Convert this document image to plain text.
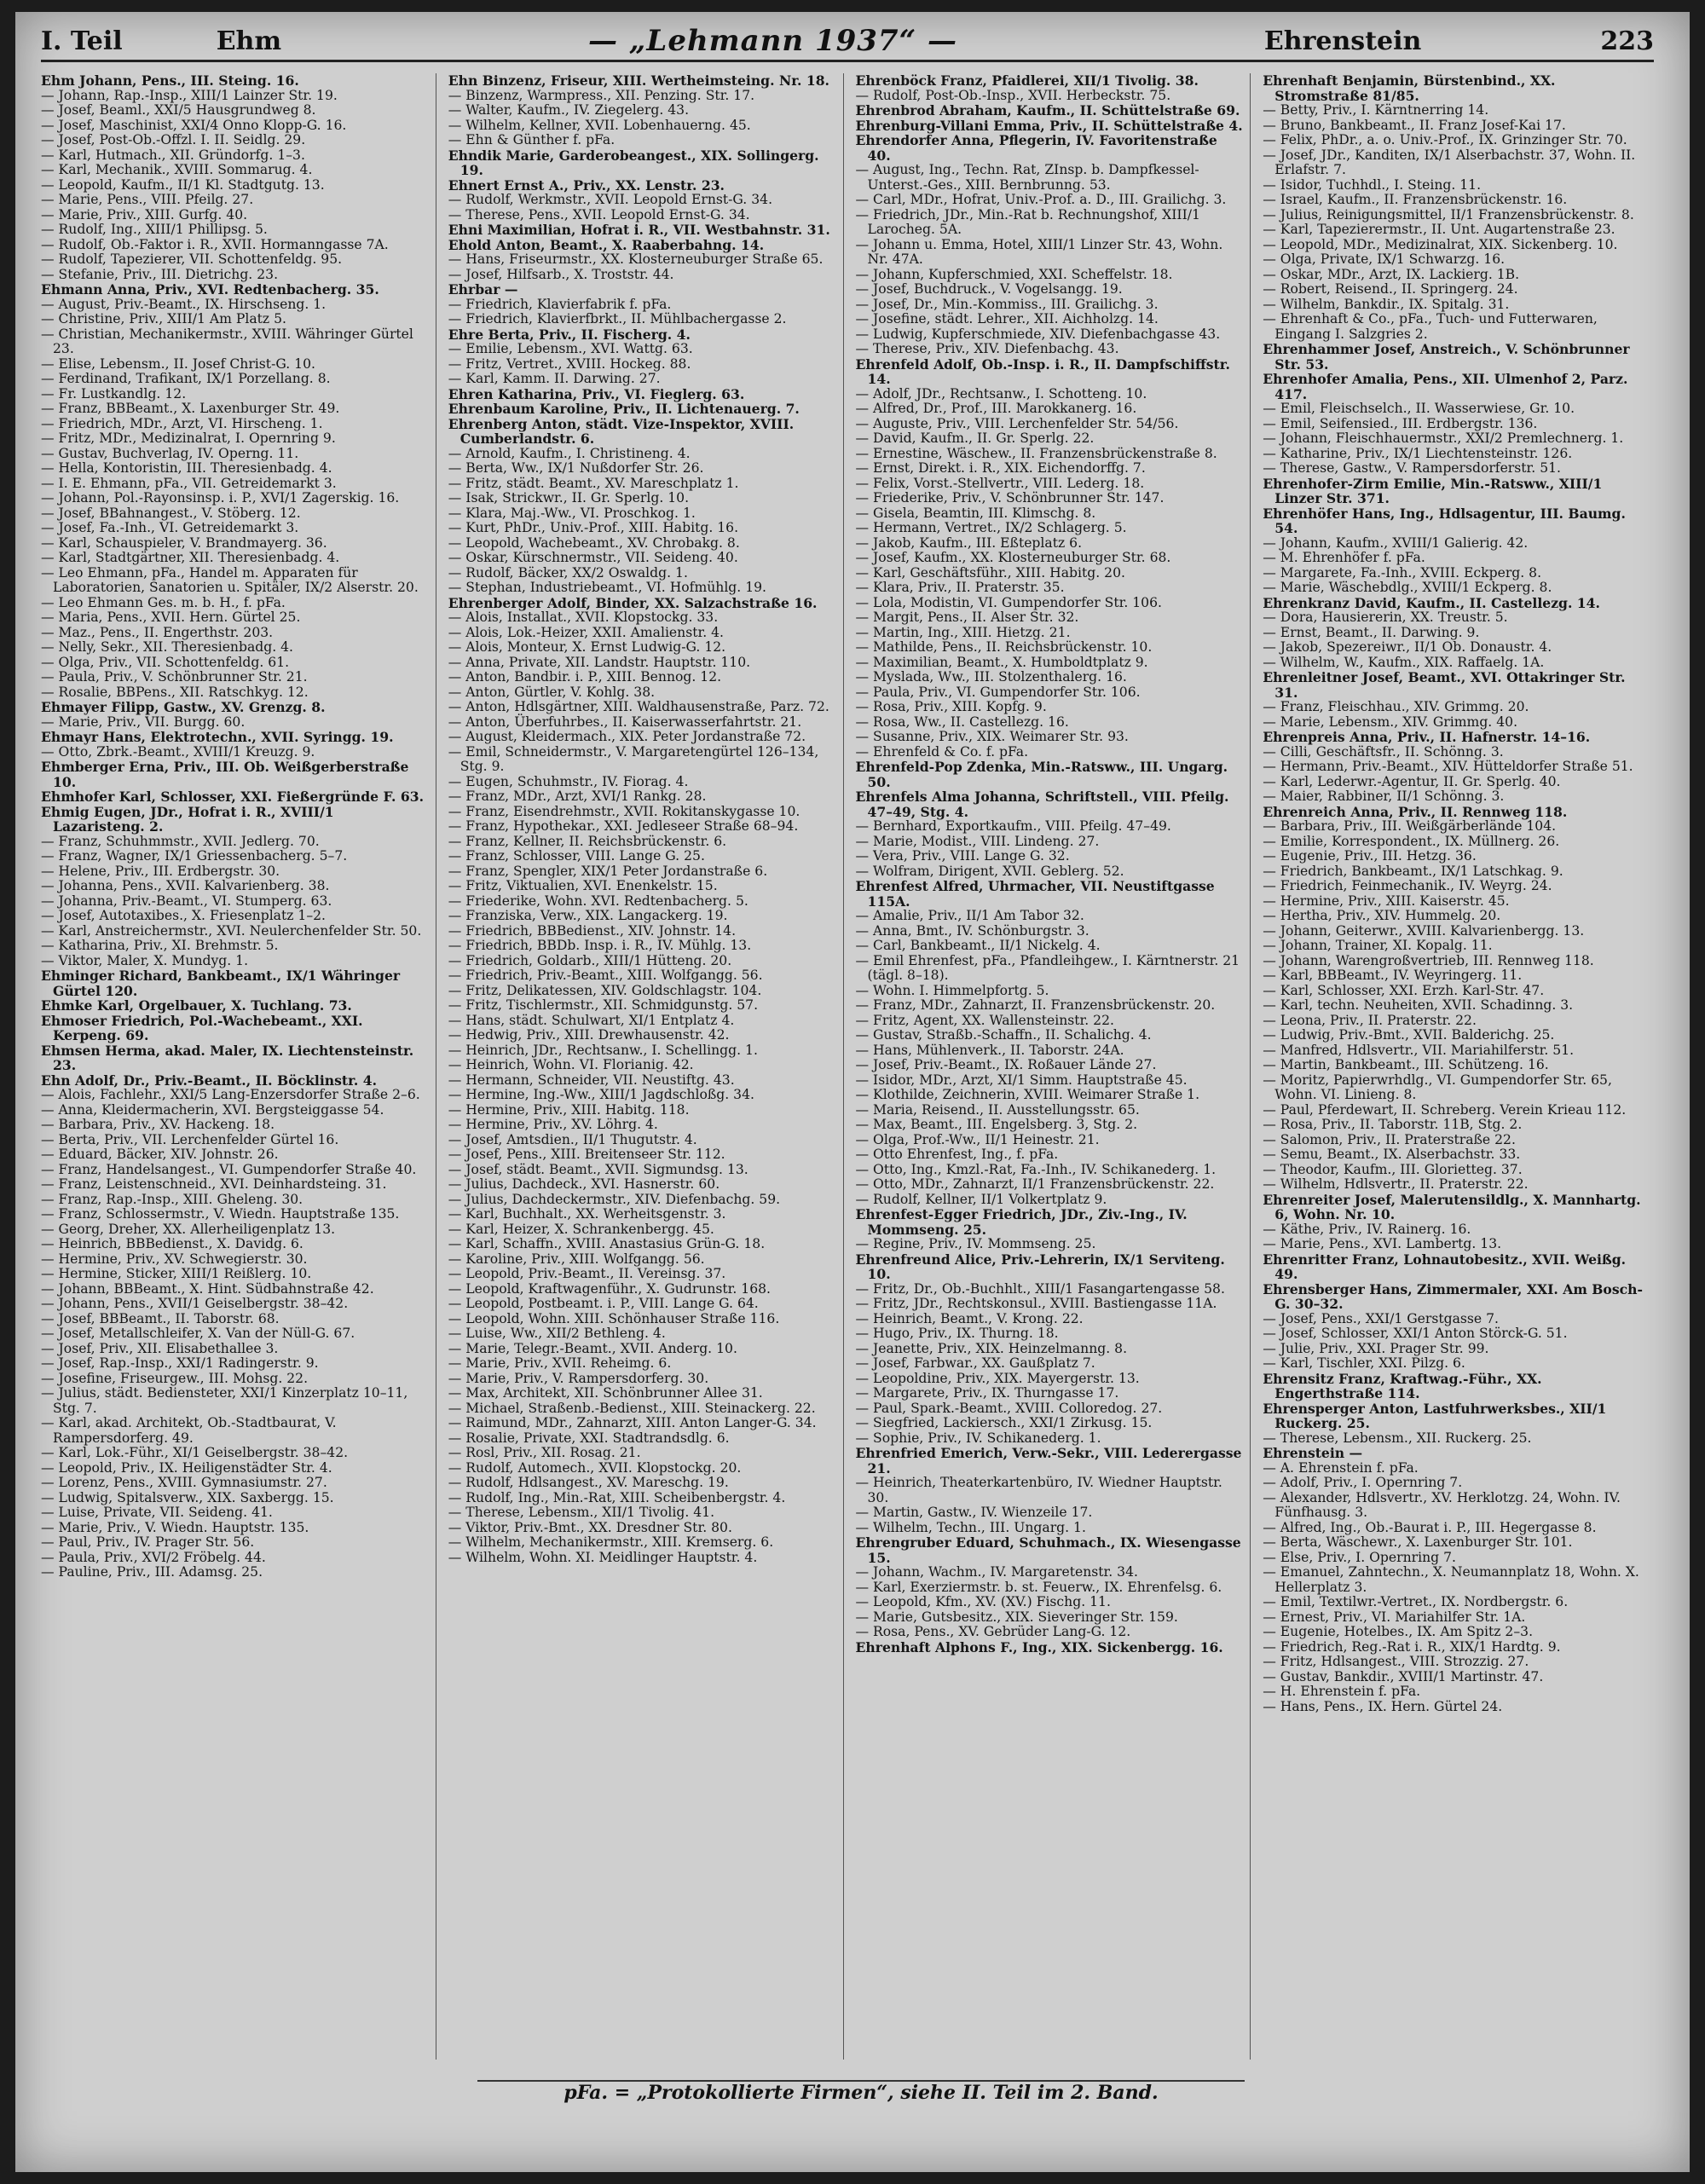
I. Teil	Ehm	— „Lehmann 1937“ —	Ehrenstein	223

Ehm Johann, Pens., III. Steing. 16.

— Johann, Rap.-Insp., XIII/1 Lainzer Str. 19.

— Josef, Beaml., XXI/5 Hausgrundweg 8.

— Josef, Maschinist, XXI/4 Onno Klopp-G. 16.

— Josef, Post-Ob.-Offzl. I. II. Seidlg. 29.

— Karl, Hutmach., XII. Gründorfg. 1–3.

— Karl, Mechanik., XVIII. Sommarug. 4.

— Leopold, Kaufm., II/1 Kl. Stadtgutg. 13.

— Marie, Pens., VIII. Pfeilg. 27.

— Marie, Priv., XIII. Gurfg. 40.

— Rudolf, Ing., XIII/1 Phillipsg. 5.

— Rudolf, Ob.-Faktor i. R., XVII. Hormanngasse 7A.

— Rudolf, Tapezierer, VII. Schottenfeldg. 95.

— Stefanie, Priv., III. Dietrichg. 23.

Ehmann Anna, Priv., XVI. Redtenbacherg. 35.

— August, Priv.-Beamt., IX. Hirschseng. 1.

— Christine, Priv., XIII/1 Am Platz 5.

— Christian, Mechanikermstr., XVIII. Währinger Gürtel 23.

— Elise, Lebensm., II. Josef Christ-G. 10.

— Ferdinand, Trafikant, IX/1 Porzellang. 8.

— Fr. Lustkandlg. 12.

— Franz, BBBeamt., X. Laxenburger Str. 49.

— Friedrich, MDr., Arzt, VI. Hirscheng. 1.

— Fritz, MDr., Medizinalrat, I. Opernring 9.

— Gustav, Buchverlag, IV. Operng. 11.

— Hella, Kontoristin, III. Theresienbadg. 4.

— I. E. Ehmann, pFa., VII. Getreidemarkt 3.

— Johann, Pol.-Rayonsinsp. i. P., XVI/1 Zagerskig. 16.

— Josef, BBahnangest., V. Stöberg. 12.

— Josef, Fa.-Inh., VI. Getreidemarkt 3.

— Karl, Schauspieler, V. Brandmayerg. 36.

— Karl, Stadtgärtner, XII. Theresienbadg. 4.

— Leo Ehmann, pFa., Handel m. Apparaten für Laboratorien, Sanatorien u. Spitäler, IX/2 Alserstr. 20.

— Leo Ehmann Ges. m. b. H., f. pFa.

— Maria, Pens., XVII. Hern. Gürtel 25.

— Maz., Pens., II. Engerthstr. 203.

— Nelly, Sekr., XII. Theresienbadg. 4.

— Olga, Priv., VII. Schottenfeldg. 61.

— Paula, Priv., V. Schönbrunner Str. 21.

— Rosalie, BBPens., XII. Ratschkyg. 12.

Ehmayer Filipp, Gastw., XV. Grenzg. 8.

— Marie, Priv., VII. Burgg. 60.

Ehmayr Hans, Elektrotechn., XVII. Syringg. 19.

— Otto, Zbrk.-Beamt., XVIII/1 Kreuzg. 9.

Ehmberger Erna, Priv., III. Ob. Weißgerberstraße 10.

Ehmhofer Karl, Schlosser, XXI. Fießergründe F. 63.

Ehmig Eugen, JDr., Hofrat i. R., XVIII/1 Lazaristeng. 2.

— Franz, Schuhmmstr., XVII. Jedlerg. 70.

— Franz, Wagner, IX/1 Griessenbacherg. 5–7.

— Helene, Priv., III. Erdbergstr. 30.

— Johanna, Pens., XVII. Kalvarienberg. 38.

— Johanna, Priv.-Beamt., VI. Stumperg. 63.

— Josef, Autotaxibes., X. Friesenplatz 1–2.

— Karl, Anstreichermstr., XVI. Neulerchenfelder Str. 50.

— Katharina, Priv., XI. Brehmstr. 5.

— Viktor, Maler, X. Mundyg. 1.

Ehminger Richard, Bankbeamt., IX/1 Währinger Gürtel 120.

Ehmke Karl, Orgelbauer, X. Tuchlang. 73.

Ehmoser Friedrich, Pol.-Wachebeamt., XXI. Kerpeng. 69.

Ehmsen Herma, akad. Maler, IX. Liechtensteinstr. 23.

Ehn Adolf, Dr., Priv.-Beamt., II. Böcklinstr. 4.

— Alois, Fachlehr., XXI/5 Lang-Enzersdorfer Straße 2–6.

— Anna, Kleidermacherin, XVI. Bergsteiggasse 54.

— Barbara, Priv., XV. Hackeng. 18.

— Berta, Priv., VII. Lerchenfelder Gürtel 16.

— Eduard, Bäcker, XIV. Johnstr. 26.

— Franz, Handelsangest., VI. Gumpendorfer Straße 40.

— Franz, Leistenschneid., XVI. Deinhardsteing. 31.

— Franz, Rap.-Insp., XIII. Gheleng. 30.

— Franz, Schlossermstr., V. Wiedn. Hauptstraße 135.

— Georg, Dreher, XX. Allerheiligenplatz 13.

— Heinrich, BBBedienst., X. Davidg. 6.

— Hermine, Priv., XV. Schwegierstr. 30.

— Hermine, Sticker, XIII/1 Reißlerg. 10.

— Johann, BBBeamt., X. Hint. Südbahnstraße 42.

— Johann, Pens., XVII/1 Geiselbergstr. 38–42.

— Josef, BBBeamt., II. Taborstr. 68.

— Josef, Metallschleifer, X. Van der Nüll-G. 67.

— Josef, Priv., XII. Elisabethallee 3.

— Josef, Rap.-Insp., XXI/1 Radingerstr. 9.

— Josefine, Friseurgew., III. Mohsg. 22.

— Julius, städt. Bediensteter, XXI/1 Kinzerplatz 10–11, Stg. 7.

— Karl, akad. Architekt, Ob.-Stadtbaurat, V. Rampersdorferg. 49.

— Karl, Lok.-Führ., XI/1 Geiselbergstr. 38–42.

— Leopold, Priv., IX. Heiligenstädter Str. 4.

— Lorenz, Pens., XVIII. Gymnasiumstr. 27.

— Ludwig, Spitalsverw., XIX. Saxbergg. 15.

— Luise, Private, VII. Seideng. 41.

— Marie, Priv., V. Wiedn. Hauptstr. 135.

— Paul, Priv., IV. Prager Str. 56.

— Paula, Priv., XVI/2 Fröbelg. 44.

— Pauline, Priv., III. Adamsg. 25.

Ehn Binzenz, Friseur, XIII. Wertheimsteing. Nr. 18.

— Binzenz, Warmpress., XII. Penzing. Str. 17.

— Walter, Kaufm., IV. Ziegelerg. 43.

— Wilhelm, Kellner, XVII. Lobenhauerng. 45.

— Ehn & Günther f. pFa.

Ehndik Marie, Garderobeangest., XIX. Sollingerg. 19.

Ehnert Ernst A., Priv., XX. Lenstr. 23.

— Rudolf, Werkmstr., XVII. Leopold Ernst-G. 34.

— Therese, Pens., XVII. Leopold Ernst-G. 34.

Ehni Maximilian, Hofrat i. R., VII. Westbahnstr. 31.

Ehold Anton, Beamt., X. Raaberbahng. 14.

— Hans, Friseurmstr., XX. Klosterneuburger Straße 65.

— Josef, Hilfsarb., X. Troststr. 44.

Ehrbar —

— Friedrich, Klavierfabrik f. pFa.

— Friedrich, Klavierfbrkt., II. Mühlbachergasse 2.

Ehre Berta, Priv., II. Fischerg. 4.

— Emilie, Lebensm., XVI. Wattg. 63.

— Fritz, Vertret., XVIII. Hockeg. 88.

— Karl, Kamm. II. Darwing. 27.

Ehren Katharina, Priv., VI. Fieglerg. 63.

Ehrenbaum Karoline, Priv., II. Lichtenauerg. 7.

Ehrenberg Anton, städt. Vize-Inspektor, XVIII. Cumberlandstr. 6.

— Arnold, Kaufm., I. Christineng. 4.

— Berta, Ww., IX/1 Nußdorfer Str. 26.

— Fritz, städt. Beamt., XV. Mareschplatz 1.

— Isak, Strickwr., II. Gr. Sperlg. 10.

— Klara, Maj.-Ww., VI. Proschkog. 1.

— Kurt, PhDr., Univ.-Prof., XIII. Habitg. 16.

— Leopold, Wachebeamt., XV. Chrobakg. 8.

— Oskar, Kürschnermstr., VII. Seideng. 40.

— Rudolf, Bäcker, XX/2 Oswaldg. 1.

— Stephan, Industriebeamt., VI. Hofmühlg. 19.

Ehrenberger Adolf, Binder, XX. Salzachstraße 16.

— Alois, Installat., XVII. Klopstockg. 33.

— Alois, Lok.-Heizer, XXII. Amalienstr. 4.

— Alois, Monteur, X. Ernst Ludwig-G. 12.

— Anna, Private, XII. Landstr. Hauptstr. 110.

— Anton, Bandbir. i. P., XIII. Bennog. 12.

— Anton, Gürtler, V. Kohlg. 38.

— Anton, Hdlsgärtner, XIII. Waldhausenstraße, Parz. 72.

— Anton, Überfuhrbes., II. Kaiserwasserfahrtstr. 21.

— August, Kleidermach., XIX. Peter Jordanstraße 72.

— Emil, Schneidermstr., V. Margaretengürtel 126–134, Stg. 9.

— Eugen, Schuhmstr., IV. Fiorag. 4.

— Franz, MDr., Arzt, XVI/1 Rankg. 28.

— Franz, Eisendrehmstr., XVII. Rokitanskygasse 10.

— Franz, Hypothekar., XXI. Jedleseer Straße 68–94.

— Franz, Kellner, II. Reichsbrückenstr. 6.

— Franz, Schlosser, VIII. Lange G. 25.

— Franz, Spengler, XIX/1 Peter Jordanstraße 6.

— Fritz, Viktualien, XVI. Enenkelstr. 15.

— Friederike, Wohn. XVI. Redtenbacherg. 5.

— Franziska, Verw., XIX. Langackerg. 19.

— Friedrich, BBBedienst., XIV. Johnstr. 14.

— Friedrich, BBDb. Insp. i. R., IV. Mühlg. 13.

— Friedrich, Goldarb., XIII/1 Hütteng. 20.

— Friedrich, Priv.-Beamt., XIII. Wolfgangg. 56.

— Fritz, Delikatessen, XIV. Goldschlagstr. 104.

— Fritz, Tischlermstr., XII. Schmidgunstg. 57.

— Hans, städt. Schulwart, XI/1 Entplatz 4.

— Hedwig, Priv., XIII. Drewhausenstr. 42.

— Heinrich, JDr., Rechtsanw., I. Schellingg. 1.

— Heinrich, Wohn. VI. Florianig. 42.

— Hermann, Schneider, VII. Neustiftg. 43.

— Hermine, Ing.-Ww., XIII/1 Jagdschloßg. 34.

— Hermine, Priv., XIII. Habitg. 118.

— Hermine, Priv., XV. Löhrg. 4.

— Josef, Amtsdien., II/1 Thugutstr. 4.

— Josef, Pens., XIII. Breitenseer Str. 112.

— Josef, städt. Beamt., XVII. Sigmundsg. 13.

— Julius, Dachdeck., XVI. Hasnerstr. 60.

— Julius, Dachdeckermstr., XIV. Diefenbachg. 59.

— Karl, Buchhalt., XX. Werheitsgenstr. 3.

— Karl, Heizer, X. Schrankenbergg. 45.

— Karl, Schaffn., XVIII. Anastasius Grün-G. 18.

— Karoline, Priv., XIII. Wolfgangg. 56.

— Leopold, Priv.-Beamt., II. Vereinsg. 37.

— Leopold, Kraftwagenführ., X. Gudrunstr. 168.

— Leopold, Postbeamt. i. P., VIII. Lange G. 64.

— Leopold, Wohn. XIII. Schönhauser Straße 116.

— Luise, Ww., XII/2 Bethleng. 4.

— Marie, Telegr.-Beamt., XVII. Anderg. 10.

— Marie, Priv., XVII. Reheimg. 6.

— Marie, Priv., V. Rampersdorferg. 30.

— Max, Architekt, XII. Schönbrunner Allee 31.

— Michael, Straßenb.-Bedienst., XIII. Steinackerg. 22.

— Raimund, MDr., Zahnarzt, XIII. Anton Langer-G. 34.

— Rosalie, Private, XXI. Stadtrandsdlg. 6.

— Rosl, Priv., XII. Rosag. 21.

— Rudolf, Automech., XVII. Klopstockg. 20.

— Rudolf, Hdlsangest., XV. Mareschg. 19.

— Rudolf, Ing., Min.-Rat, XIII. Scheibenbergstr. 4.

— Therese, Lebensm., XII/1 Tivolig. 41.

— Viktor, Priv.-Bmt., XX. Dresdner Str. 80.

— Wilhelm, Mechanikermstr., XIII. Kremserg. 6.

— Wilhelm, Wohn. XI. Meidlinger Hauptstr. 4.

Ehrenböck Franz, Pfaidlerei, XII/1 Tivolig. 38.

— Rudolf, Post-Ob.-Insp., XVII. Herbeckstr. 75.

Ehrenbrod Abraham, Kaufm., II. Schüttelstraße 69.

Ehrenburg-Villani Emma, Priv., II. Schüttelstraße 4.

Ehrendorfer Anna, Pflegerin, IV. Favoritenstraße 40.

— August, Ing., Techn. Rat, ZInsp. b. Dampfkessel-Unterst.-Ges., XIII. Bernbrunng. 53.

— Carl, MDr., Hofrat, Univ.-Prof. a. D., III. Grailichg. 3.

— Friedrich, JDr., Min.-Rat b. Rechnungshof, XIII/1 Larocheg. 5A.

— Johann u. Emma, Hotel, XIII/1 Linzer Str. 43, Wohn. Nr. 47A.

— Johann, Kupferschmied, XXI. Scheffelstr. 18.

— Josef, Buchdruck., V. Vogelsangg. 19.

— Josef, Dr., Min.-Kommiss., III. Grailichg. 3.

— Josefine, städt. Lehrer., XII. Aichholzg. 14.

— Ludwig, Kupferschmiede, XIV. Diefenbachgasse 43.

— Therese, Priv., XIV. Diefenbachg. 43.

Ehrenfeld Adolf, Ob.-Insp. i. R., II. Dampfschiffstr. 14.

— Adolf, JDr., Rechtsanw., I. Schotteng. 10.

— Alfred, Dr., Prof., III. Marokkanerg. 16.

— Auguste, Priv., VIII. Lerchenfelder Str. 54/56.

— David, Kaufm., II. Gr. Sperlg. 22.

— Ernestine, Wäschew., II. Franzensbrückenstraße 8.

— Ernst, Direkt. i. R., XIX. Eichendorffg. 7.

— Felix, Vorst.-Stellvertr., VIII. Lederg. 18.

— Friederike, Priv., V. Schönbrunner Str. 147.

— Gisela, Beamtin, III. Klimschg. 8.

— Hermann, Vertret., IX/2 Schlagerg. 5.

— Jakob, Kaufm., III. Eßteplatz 6.

— Josef, Kaufm., XX. Klosterneuburger Str. 68.

— Karl, Geschäftsführ., XIII. Habitg. 20.

— Klara, Priv., II. Praterstr. 35.

— Lola, Modistin, VI. Gumpendorfer Str. 106.

— Margit, Pens., II. Alser Str. 32.

— Martin, Ing., XIII. Hietzg. 21.

— Mathilde, Pens., II. Reichsbrückenstr. 10.

— Maximilian, Beamt., X. Humboldtplatz 9.

— Myslada, Ww., III. Stolzenthalerg. 16.

— Paula, Priv., VI. Gumpendorfer Str. 106.

— Rosa, Priv., XIII. Kopfg. 9.

— Rosa, Ww., II. Castellezg. 16.

— Susanne, Priv., XIX. Weimarer Str. 93.

— Ehrenfeld & Co. f. pFa.

Ehrenfeld-Pop Zdenka, Min.-Ratsww., III. Ungarg. 50.

Ehrenfels Alma Johanna, Schriftstell., VIII. Pfeilg. 47–49, Stg. 4.

— Bernhard, Exportkaufm., VIII. Pfeilg. 47–49.

— Marie, Modist., VIII. Lindeng. 27.

— Vera, Priv., VIII. Lange G. 32.

— Wolfram, Dirigent, XVII. Geblerg. 52.

Ehrenfest Alfred, Uhrmacher, VII. Neustiftgasse 115A.

— Amalie, Priv., II/1 Am Tabor 32.

— Anna, Bmt., IV. Schönburgstr. 3.

— Carl, Bankbeamt., II/1 Nickelg. 4.

— Emil Ehrenfest, pFa., Pfandleihgew., I. Kärntnerstr. 21 (tägl. 8–18).

— Wohn. I. Himmelpfortg. 5.

— Franz, MDr., Zahnarzt, II. Franzensbrückenstr. 20.

— Fritz, Agent, XX. Wallensteinstr. 22.

— Gustav, Straßb.-Schaffn., II. Schalichg. 4.

— Hans, Mühlenverk., II. Taborstr. 24A.

— Josef, Priv.-Beamt., IX. Roßauer Lände 27.

— Isidor, MDr., Arzt, XI/1 Simm. Hauptstraße 45.

— Klothilde, Zeichnerin, XVIII. Weimarer Straße 1.

— Maria, Reisend., II. Ausstellungsstr. 65.

— Max, Beamt., III. Engelsberg. 3, Stg. 2.

— Olga, Prof.-Ww., II/1 Heinestr. 21.

— Otto Ehrenfest, Ing., f. pFa.

— Otto, Ing., Kmzl.-Rat, Fa.-Inh., IV. Schikanederg. 1.

— Otto, MDr., Zahnarzt, II/1 Franzensbrückenstr. 22.

— Rudolf, Kellner, II/1 Volkertplatz 9.

Ehrenfest-Egger Friedrich, JDr., Ziv.-Ing., IV. Mommseng. 25.

— Regine, Priv., IV. Mommseng. 25.

Ehrenfreund Alice, Priv.-Lehrerin, IX/1 Serviteng. 10.

— Fritz, Dr., Ob.-Buchhlt., XIII/1 Fasangartengasse 58.

— Fritz, JDr., Rechtskonsul., XVIII. Bastiengasse 11A.

— Heinrich, Beamt., V. Krong. 22.

— Hugo, Priv., IX. Thurng. 18.

— Jeanette, Priv., XIX. Heinzelmanng. 8.

— Josef, Farbwar., XX. Gaußplatz 7.

— Leopoldine, Priv., XIX. Mayergerstr. 13.

— Margarete, Priv., IX. Thurngasse 17.

— Paul, Spark.-Beamt., XVIII. Colloredog. 27.

— Siegfried, Lackiersch., XXI/1 Zirkusg. 15.

— Sophie, Priv., IV. Schikanederg. 1.

Ehrenfried Emerich, Verw.-Sekr., VIII. Lederergasse 21.

— Heinrich, Theaterkartenbüro, IV. Wiedner Hauptstr. 30.

— Martin, Gastw., IV. Wienzeile 17.

— Wilhelm, Techn., III. Ungarg. 1.

Ehrengruber Eduard, Schuhmach., IX. Wiesengasse 15.

— Johann, Wachm., IV. Margaretenstr. 34.

— Karl, Exerziermstr. b. st. Feuerw., IX. Ehrenfelsg. 6.

— Leopold, Kfm., XV. (XV.) Fischg. 11.

— Marie, Gutsbesitz., XIX. Sieveringer Str. 159.

— Rosa, Pens., XV. Gebrüder Lang-G. 12.

Ehrenhaft Alphons F., Ing., XIX. Sickenbergg. 16.

Ehrenhaft Benjamin, Bürstenbind., XX. Stromstraße 81/85.

— Betty, Priv., I. Kärntnerring 14.

— Bruno, Bankbeamt., II. Franz Josef-Kai 17.

— Felix, PhDr., a. o. Univ.-Prof., IX. Grinzinger Str. 70.

— Josef, JDr., Kanditen, IX/1 Alserbachstr. 37, Wohn. II. Erlafstr. 7.

— Isidor, Tuchhdl., I. Steing. 11.

— Israel, Kaufm., II. Franzensbrückenstr. 16.

— Julius, Reinigungsmittel, II/1 Franzensbrückenstr. 8.

— Karl, Tapezierermstr., II. Unt. Augartenstraße 23.

— Leopold, MDr., Medizinalrat, XIX. Sickenberg. 10.

— Olga, Private, IX/1 Schwarzg. 16.

— Oskar, MDr., Arzt, IX. Lackierg. 1B.

— Robert, Reisend., II. Springerg. 24.

— Wilhelm, Bankdir., IX. Spitalg. 31.

— Ehrenhaft & Co., pFa., Tuch- und Futterwaren, Eingang I. Salzgries 2.

Ehrenhammer Josef, Anstreich., V. Schönbrunner Str. 53.

Ehrenhofer Amalia, Pens., XII. Ulmenhof 2, Parz. 417.

— Emil, Fleischselch., II. Wasserwiese, Gr. 10.

— Emil, Seifensied., III. Erdbergstr. 136.

— Johann, Fleischhauermstr., XXI/2 Premlechnerg. 1.

— Katharine, Priv., IX/1 Liechtensteinstr. 126.

— Therese, Gastw., V. Rampersdorferstr. 51.

Ehrenhofer-Zirm Emilie, Min.-Ratsww., XIII/1 Linzer Str. 371.

Ehrenhöfer Hans, Ing., Hdlsagentur, III. Baumg. 54.

— Johann, Kaufm., XVIII/1 Galierig. 42.

— M. Ehrenhöfer f. pFa.

— Margarete, Fa.-Inh., XVIII. Eckperg. 8.

— Marie, Wäschebdlg., XVIII/1 Eckperg. 8.

Ehrenkranz David, Kaufm., II. Castellezg. 14.

— Dora, Hausiererin, XX. Treustr. 5.

— Ernst, Beamt., II. Darwing. 9.

— Jakob, Spezereiwr., II/1 Ob. Donaustr. 4.

— Wilhelm, W., Kaufm., XIX. Raffaelg. 1A.

Ehrenleitner Josef, Beamt., XVI. Ottakringer Str. 31.

— Franz, Fleischhau., XIV. Grimmg. 20.

— Marie, Lebensm., XIV. Grimmg. 40.

Ehrenpreis Anna, Priv., II. Hafnerstr. 14–16.

— Cilli, Geschäftsfr., II. Schönng. 3.

— Hermann, Priv.-Beamt., XIV. Hütteldorfer Straße 51.

— Karl, Lederwr.-Agentur, II. Gr. Sperlg. 40.

— Maier, Rabbiner, II/1 Schönng. 3.

Ehrenreich Anna, Priv., II. Rennweg 118.

— Barbara, Priv., III. Weißgärberlände 104.

— Emilie, Korrespondent., IX. Müllnerg. 26.

— Eugenie, Priv., III. Hetzg. 36.

— Friedrich, Bankbeamt., IX/1 Latschkag. 9.

— Friedrich, Feinmechanik., IV. Weyrg. 24.

— Hermine, Priv., XIII. Kaiserstr. 45.

— Hertha, Priv., XIV. Hummelg. 20.

— Johann, Geiterwr., XVIII. Kalvarienbergg. 13.

— Johann, Trainer, XI. Kopalg. 11.

— Johann, Warengroßvertrieb, III. Rennweg 118.

— Karl, BBBeamt., IV. Weyringerg. 11.

— Karl, Schlosser, XXI. Erzh. Karl-Str. 47.

— Karl, techn. Neuheiten, XVII. Schadinng. 3.

— Leona, Priv., II. Praterstr. 22.

— Ludwig, Priv.-Bmt., XVII. Balderichg. 25.

— Manfred, Hdlsvertr., VII. Mariahilferstr. 51.

— Martin, Bankbeamt., III. Schützeng. 16.

— Moritz, Papierwrhdlg., VI. Gumpendorfer Str. 65, Wohn. VI. Linieng. 8.

— Paul, Pferdewart, II. Schreberg. Verein Krieau 112.

— Rosa, Priv., II. Taborstr. 11B, Stg. 2.

— Salomon, Priv., II. Praterstraße 22.

— Semu, Beamt., IX. Alserbachstr. 33.

— Theodor, Kaufm., III. Glorietteg. 37.

— Wilhelm, Hdlsvertr., II. Praterstr. 22.

Ehrenreiter Josef, Malerutensildlg., X. Mannhartg. 6, Wohn. Nr. 10.

— Käthe, Priv., IV. Rainerg. 16.

— Marie, Pens., XVI. Lambertg. 13.

Ehrenritter Franz, Lohnautobesitz., XVII. Weißg. 49.

Ehrensberger Hans, Zimmermaler, XXI. Am Bosch-G. 30–32.

— Josef, Pens., XXI/1 Gerstgasse 7.

— Josef, Schlosser, XXI/1 Anton Störck-G. 51.

— Julie, Priv., XXI. Prager Str. 99.

— Karl, Tischler, XXI. Pilzg. 6.

Ehrensitz Franz, Kraftwag.-Führ., XX. Engerthstraße 114.

Ehrensperger Anton, Lastfuhrwerksbes., XII/1 Ruckerg. 25.

— Therese, Lebensm., XII. Ruckerg. 25.

Ehrenstein —

— A. Ehrenstein f. pFa.

— Adolf, Priv., I. Opernring 7.

— Alexander, Hdlsvertr., XV. Herklotzg. 24, Wohn. IV. Fünfhausg. 3.

— Alfred, Ing., Ob.-Baurat i. P., III. Hegergasse 8.

— Berta, Wäschewr., X. Laxenburger Str. 101.

— Else, Priv., I. Opernring 7.

— Emanuel, Zahntechn., X. Neumannplatz 18, Wohn. X. Hellerplatz 3.

— Emil, Textilwr.-Vertret., IX. Nordbergstr. 6.

— Ernest, Priv., VI. Mariahilfer Str. 1A.

— Eugenie, Hotelbes., IX. Am Spitz 2–3.

— Friedrich, Reg.-Rat i. R., XIX/1 Hardtg. 9.

— Fritz, Hdlsangest., VIII. Strozzig. 27.

— Gustav, Bankdir., XVIII/1 Martinstr. 47.

— H. Ehrenstein f. pFa.

— Hans, Pens., IX. Hern. Gürtel 24.

pFa. = „Protokollierte Firmen“, siehe II. Teil im 2. Band.
